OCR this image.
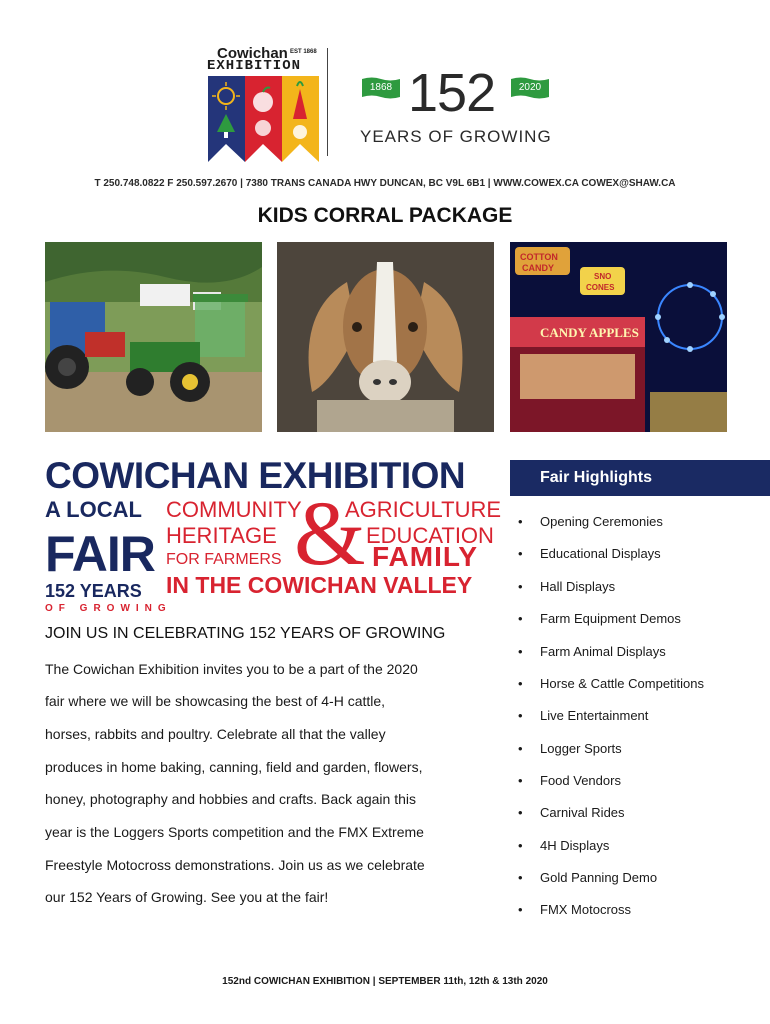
Cowichan EST 1868
EXHIBITION
1868 152	2020
YEARS OF GROWING
T 250.748.0822 F 250.597.2670 | 7380 TRANS CANADA HWY DUNCAN, BC V9L 6B1 | WWW.COWEX.CA COWEX@SHAW.CA
KIDS CORRAL PACKAGE
COTTON
CANDY
SNO
CONES
CANDY APPLES
COWICHAN EXHIBITION
A LOCAL
FAIR
152 YEARS
OF GROWING
COMMUNITY AGRICULTURE
HERITAGE	EDUCATION
FOR FARMERS	FAMILY
&
IN THE COWICHAN VALLEY
JOIN US IN CELEBRATING 152 YEARS OF GROWING
The Cowichan Exhibition invites you to be a part of the 2020
fair where we will be showcasing the best of 4-H cattle,
horses, rabbits and poultry. Celebrate all that the valley
produces in home baking, canning, field and garden, flowers,
honey, photography and hobbies and crafts. Back again this
year is the Loggers Sports competition and the FMX Extreme
Freestyle Motocross demonstrations. Join us as we celebrate
our 152 Years of Growing. See you at the fair!
Fair Highlights
• Opening Ceremonies
• Educational Displays
• Hall Displays
• Farm Equipment Demos
• Farm Animal Displays
• Horse & Cattle Competitions
• Live Entertainment
• Logger Sports
• Food Vendors
• Carnival Rides
• 4H Displays
• Gold Panning Demo
• FMX Motocross
152nd COWICHAN EXHIBITION | SEPTEMBER 11th, 12th & 13th 2020
